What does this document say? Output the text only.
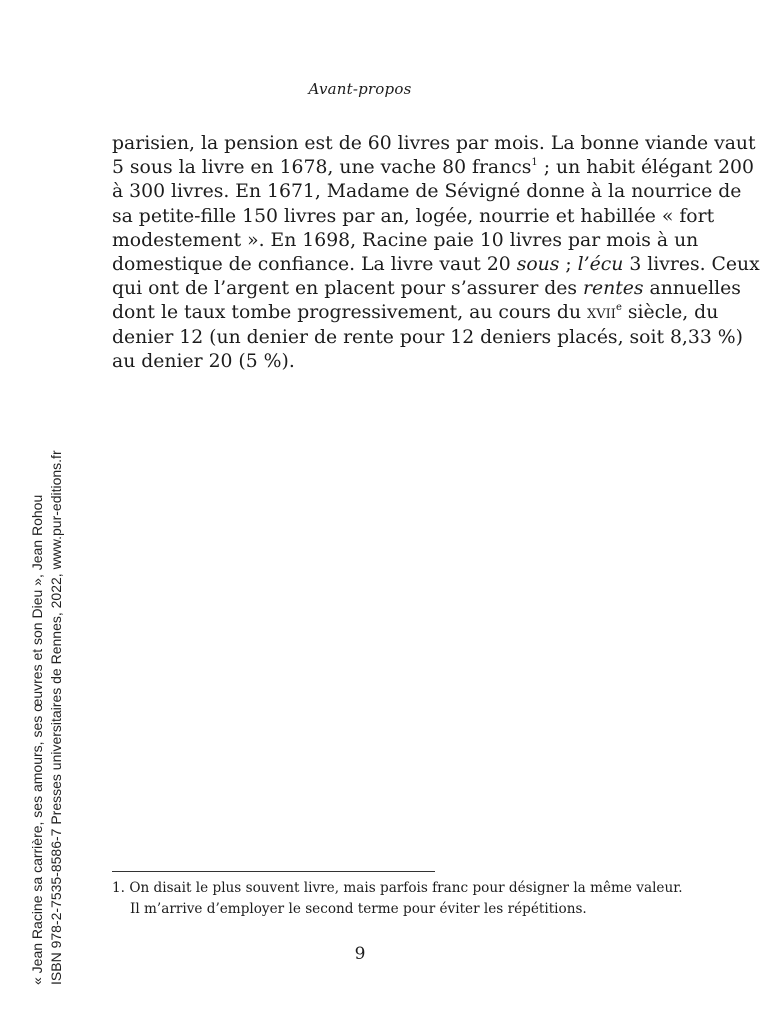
Avant-propos
parisien, la pension est de 60 livres par mois. La bonne viande vaut
5 sous la livre en 1678, une vache 80 francs$^1$ ; un habit élégant 200
à 300 livres. En 1671, Madame de Sévigné donne à la nourrice de
sa petite-fille 150 livres par an, logée, nourrie et habillée « fort
modestement ». En 1698, Racine paie 10 livres par mois à un
domestique de confiance. La livre vaut 20 sous ; l’écu 3 livres. Ceux
qui ont de l’argent en placent pour s’assurer des rentes annuelles
dont le taux tombe progressivement, au cours du xvii$^e$ siècle, du
denier 12 (un denier de rente pour 12 deniers placés, soit 8,33 %)
au denier 20 (5 %).
1. On disait le plus souvent livre, mais parfois franc pour désigner la même valeur.
Il m’arrive d’employer le second terme pour éviter les répétitions.
9
« Jean Racine sa carrière, ses amours, ses œuvres et son Dieu », Jean Rohou ISBN 978-2-7535-8586-7 Presses universitaires de Rennes, 2022, www.pur-editions.fr
